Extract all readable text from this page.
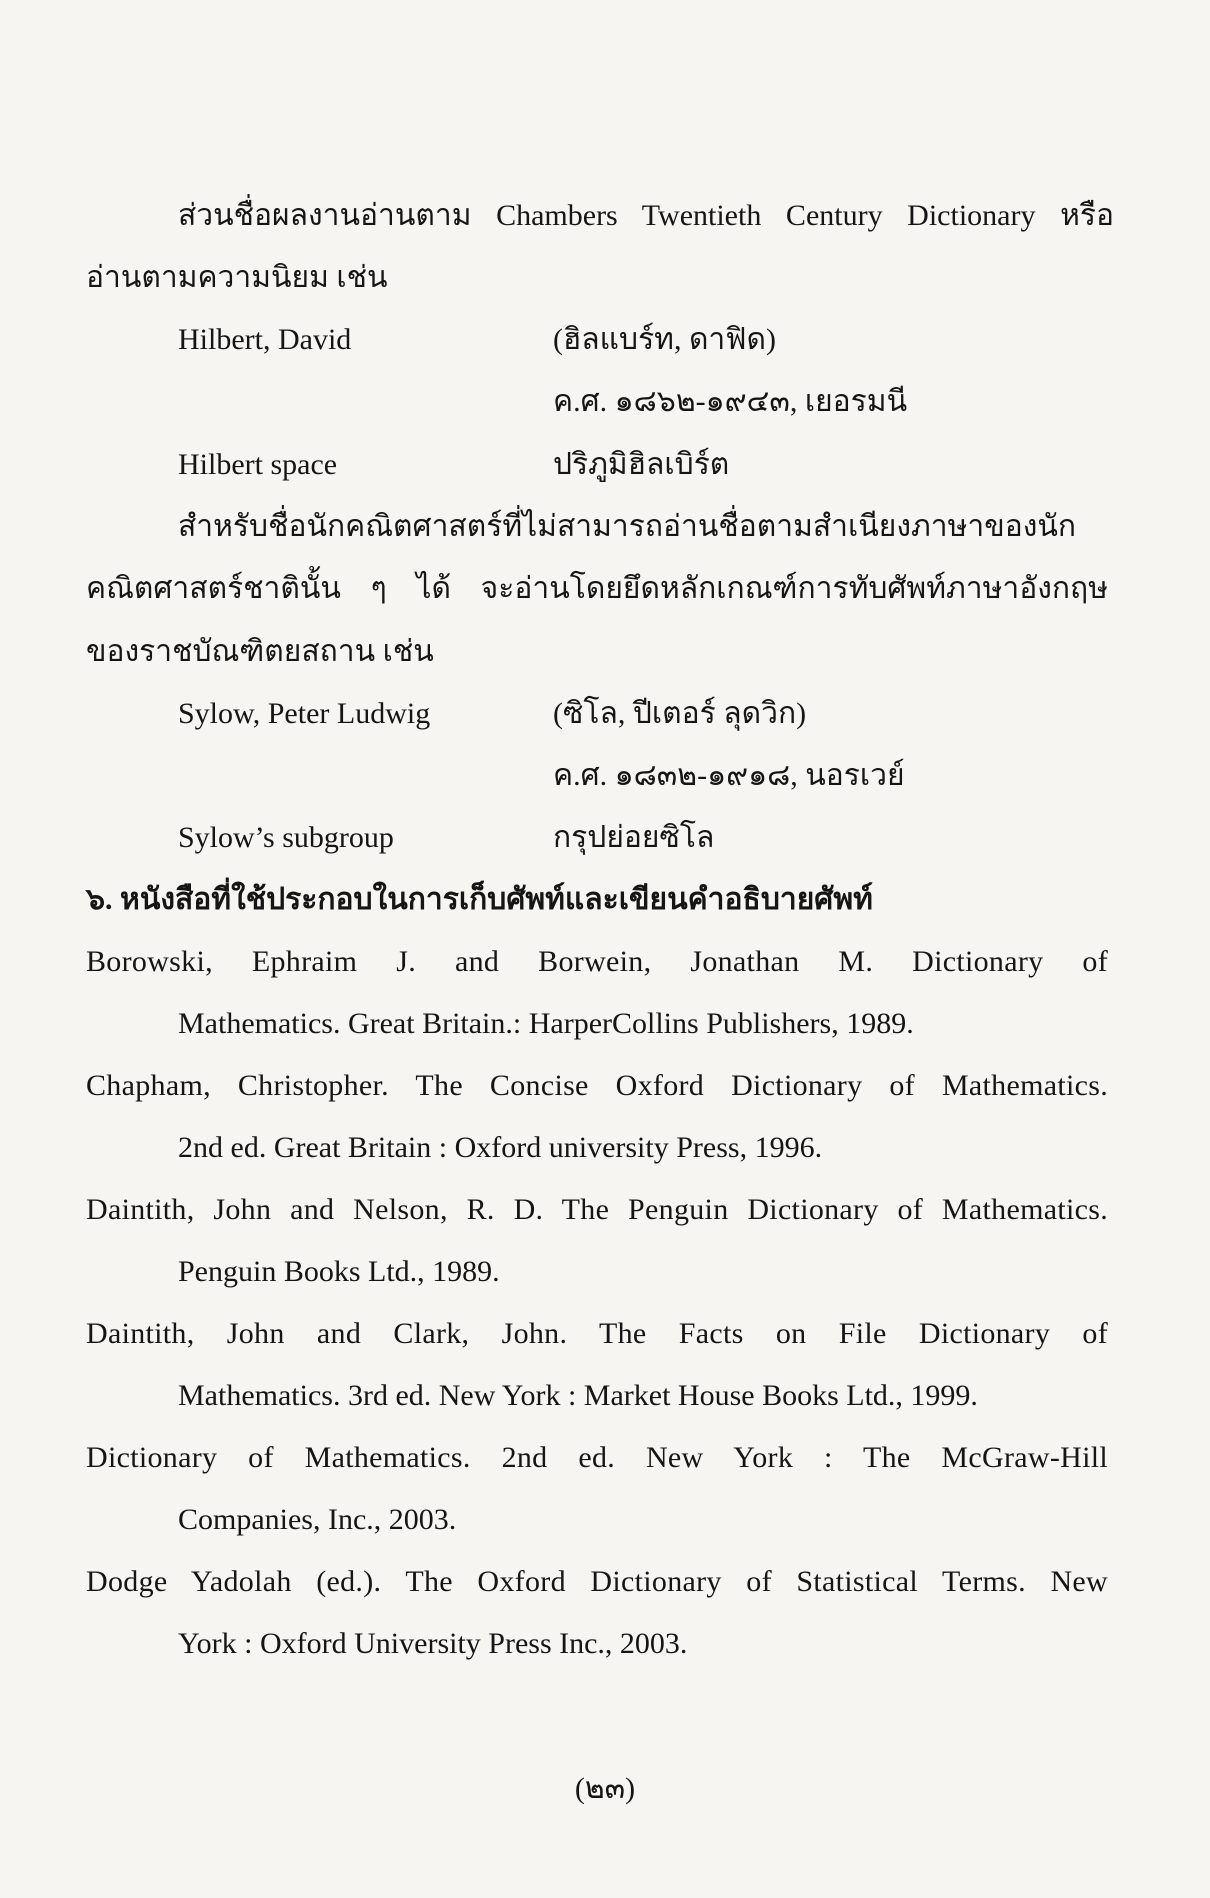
ส่วนชื่อผลงานอ่านตาม Chambers Twentieth Century Dictionary หรือ
อ่านตามความนิยม เช่น
Hilbert, David	(ฮิลแบร์ท, ดาฟิด)
ค.ศ. ๑๘๖๒-๑๙๔๓, เยอรมนี
Hilbert space	ปริภูมิฮิลเบิร์ต
สำหรับชื่อนักคณิตศาสตร์ที่ไม่สามารถอ่านชื่อตามสำเนียงภาษาของนัก
คณิตศาสตร์ชาตินั้น ๆ ได้ จะอ่านโดยยึดหลักเกณฑ์การทับศัพท์ภาษาอังกฤษ
ของราชบัณฑิตยสถาน เช่น
Sylow, Peter Ludwig	(ซิโล, ปีเตอร์ ลุดวิก)
ค.ศ. ๑๘๓๒-๑๙๑๘, นอรเวย์
Sylow’s subgroup	กรุปย่อยซิโล
๖. หนังสือที่ใช้ประกอบในการเก็บศัพท์และเขียนคำอธิบายศัพท์
Borowski, Ephraim J. and Borwein, Jonathan M. Dictionary of
Mathematics. Great Britain.: HarperCollins Publishers, 1989.
Chapham, Christopher. The Concise Oxford Dictionary of Mathematics.
2nd ed. Great Britain : Oxford university Press, 1996.
Daintith, John and Nelson, R. D. The Penguin Dictionary of Mathematics.
Penguin Books Ltd., 1989.
Daintith, John and Clark, John. The Facts on File Dictionary of
Mathematics. 3rd ed. New York : Market House Books Ltd., 1999.
Dictionary of Mathematics. 2nd ed. New York : The McGraw-Hill
Companies, Inc., 2003.
Dodge Yadolah (ed.). The Oxford Dictionary of Statistical Terms. New
York : Oxford University Press Inc., 2003.
(๒๓)
